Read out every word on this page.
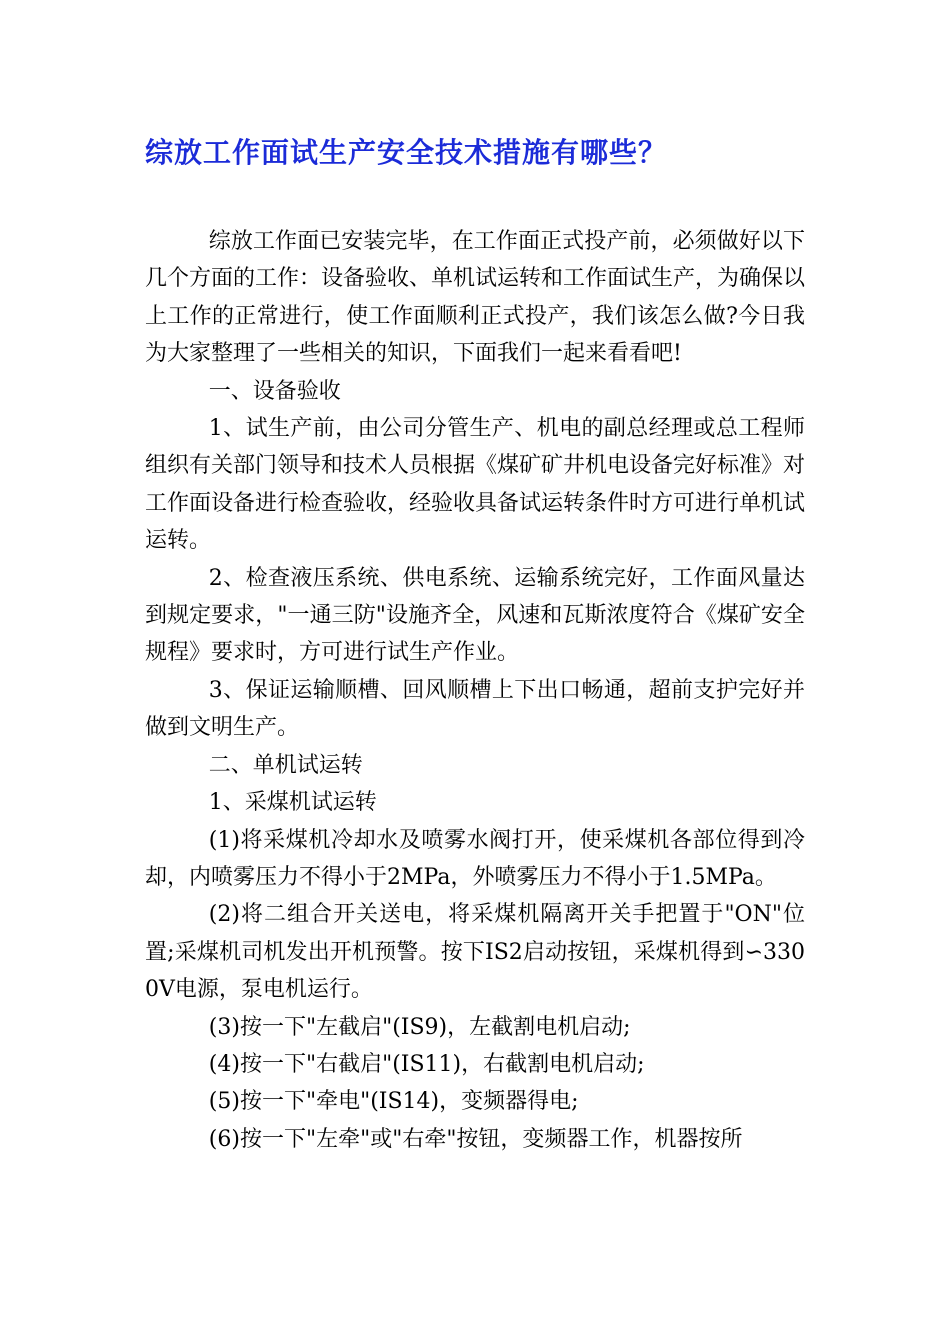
综放工作面试生产安全技术措施有哪些？

综放工作面已安装完毕，在工作面正式投产前，必须做好以下几个方面的工作：设备验收、单机试运转和工作面试生产，为确保以上工作的正常进行，使工作面顺利正式投产，我们该怎么做?今日我为大家整理了一些相关的知识，下面我们一起来看看吧!

一、设备验收

1、试生产前，由公司分管生产、机电的副总经理或总工程师组织有关部门领导和技术人员根据《煤矿矿井机电设备完好标准》对工作面设备进行检查验收，经验收具备试运转条件时方可进行单机试运转。

2、检查液压系统、供电系统、运输系统完好，工作面风量达到规定要求，"一通三防"设施齐全，风速和瓦斯浓度符合《煤矿安全规程》要求时，方可进行试生产作业。

3、保证运输顺槽、回风顺槽上下出口畅通，超前支护完好并做到文明生产。

二、单机试运转

1、采煤机试运转

(1)将采煤机冷却水及喷雾水阀打开，使采煤机各部位得到冷却，内喷雾压力不得小于2MPa，外喷雾压力不得小于1.5MPa。

(2)将二组合开关送电，将采煤机隔离开关手把置于"ON"位置;采煤机司机发出开机预警。按下IS2启动按钮，采煤机得到∽3300V电源，泵电机运行。

(3)按一下"左截启"(IS9)，左截割电机启动;

(4)按一下"右截启"(IS11)，右截割电机启动;

(5)按一下"牵电"(IS14)，变频器得电;

(6)按一下"左牵"或"右牵"按钮，变频器工作，机器按所
